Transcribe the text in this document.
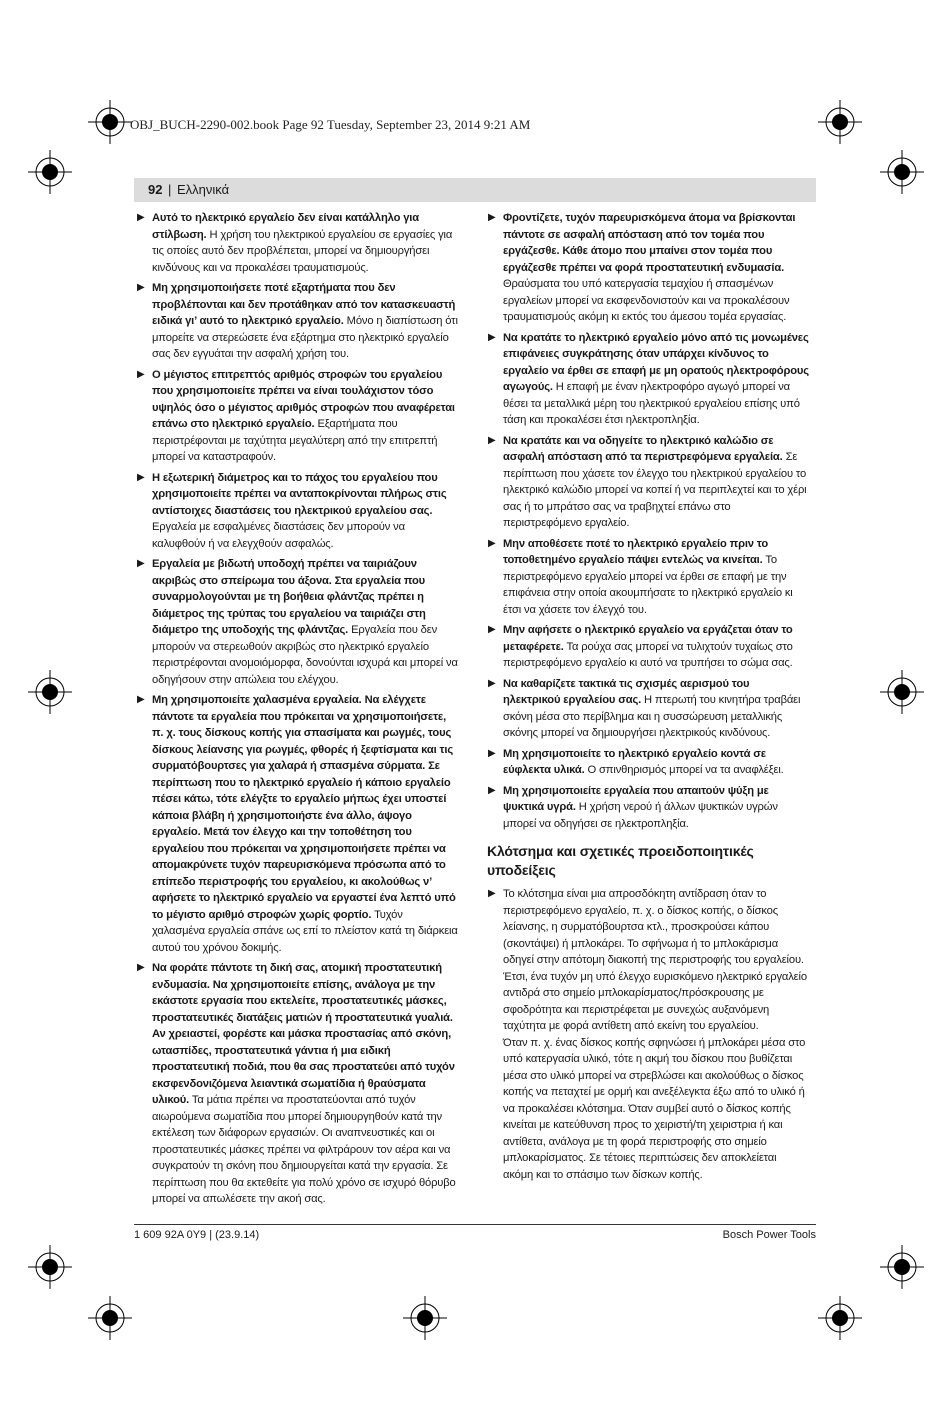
OBJ_BUCH-2290-002.book Page 92 Tuesday, September 23, 2014 9:21 AM
92 | Ελληνικά
▶ Αυτό το ηλεκτρικό εργαλείο δεν είναι κατάλληλο για στίλβωση. Η χρήση του ηλεκτρικού εργαλείου σε εργασίες για τις οποίες αυτό δεν προβλέπεται, μπορεί να δημιουργήσει κινδύνους και να προκαλέσει τραυματισμούς.
▶ Μη χρησιμοποιήσετε ποτέ εξαρτήματα που δεν προβλέπονται και δεν προτάθηκαν από τον κατασκευαστή ειδικά γι’ αυτό το ηλεκτρικό εργαλείο. Μόνο η διαπίστωση ότι μπορείτε να στερεώσετε ένα εξάρτημα στο ηλεκτρικό εργαλείο σας δεν εγγυάται την ασφαλή χρήση του.
▶ Ο μέγιστος επιτρεπτός αριθμός στροφών του εργαλείου που χρησιμοποιείτε πρέπει να είναι τουλάχιστον τόσο υψηλός όσο ο μέγιστος αριθμός στροφών που αναφέρεται επάνω στο ηλεκτρικό εργαλείο. Εξαρτήματα που περιστρέφονται με ταχύτητα μεγαλύτερη από την επιτρεπτή μπορεί να καταστραφούν.
▶ Η εξωτερική διάμετρος και το πάχος του εργαλείου που χρησιμοποιείτε πρέπει να ανταποκρίνονται πλήρως στις αντίστοιχες διαστάσεις του ηλεκτρικού εργαλείου σας. Εργαλεία με εσφαλμένες διαστάσεις δεν μπορούν να καλυφθούν ή να ελεγχθούν ασφαλώς.
▶ Εργαλεία με βιδωτή υποδοχή πρέπει να ταιριάζουν ακριβώς στο σπείρωμα του άξονα. Στα εργαλεία που συναρμολογούνται με τη βοήθεια φλάντζας πρέπει η διάμετρος της τρύπας του εργαλείου να ταιριάζει στη διάμετρο της υποδοχής της φλάντζας. Εργαλεία που δεν μπορούν να στερεωθούν ακριβώς στο ηλεκτρικό εργαλείο περιστρέφονται ανομοιόμορφα, δονούνται ισχυρά και μπορεί να οδηγήσουν στην απώλεια του ελέγχου.
▶ Μη χρησιμοποιείτε χαλασμένα εργαλεία. Να ελέγχετε πάντοτε τα εργαλεία που πρόκειται να χρησιμοποιήσετε, π. χ. τους δίσκους κοπής για σπασίματα και ρωγμές, τους δίσκους λείανσης για ρωγμές, φθορές ή ξεφτίσματα και τις συρματόβουρτσες για χαλαρά ή σπασμένα σύρματα. Σε περίπτωση που το ηλεκτρικό εργαλείο ή κάποιο εργαλείο πέσει κάτω, τότε ελέγξτε το εργαλείο μήπως έχει υποστεί κάποια βλάβη ή χρησιμοποιήστε ένα άλλο, άψογο εργαλείο. Μετά τον έλεγχο και την τοποθέτηση του εργαλείου που πρόκειται να χρησιμοποιήσετε πρέπει να απομακρύνετε τυχόν παρευρισκόμενα πρόσωπα από το επίπεδο περιστροφής του εργαλείου, κι ακολούθως ν’ αφήσετε το ηλεκτρικό εργαλείο να εργαστεί ένα λεπτό υπό το μέγιστο αριθμό στροφών χωρίς φορτίο. Τυχόν χαλασμένα εργαλεία σπάνε ως επί το πλείστον κατά τη διάρκεια αυτού του χρόνου δοκιμής.
▶ Να φοράτε πάντοτε τη δική σας, ατομική προστατευτική ενδυμασία. Να χρησιμοποιείτε επίσης, ανάλογα με την εκάστοτε εργασία που εκτελείτε, προστατευτικές μάσκες, προστατευτικές διατάξεις ματιών ή προστατευτικά γυαλιά. Αν χρειαστεί, φορέστε και μάσκα προστασίας από σκόνη, ωτασπίδες, προστατευτικά γάντια ή μια ειδική προστατευτική ποδιά, που θα σας προστατεύει από τυχόν εκσφενδονιζόμενα λειαντικά σωματίδια ή θραύσματα υλικού. Τα μάτια πρέπει να προστατεύονται από τυχόν αιωρούμενα σωματίδια που μπορεί δημιουργηθούν κατά την εκτέλεση των διάφορων εργασιών. Οι αναπνευστικές και οι προστατευτικές μάσκες πρέπει να φιλτράρουν τον αέρα και να συγκρατούν τη σκόνη που δημιουργείται κατά την εργασία. Σε περίπτωση που θα εκτεθείτε για πολύ χρόνο σε ισχυρό θόρυβο μπορεί να απωλέσετε την ακοή σας.
▶ Φροντίζετε, τυχόν παρευρισκόμενα άτομα να βρίσκονται πάντοτε σε ασφαλή απόσταση από τον τομέα που εργάζεσθε. Κάθε άτομο που μπαίνει στον τομέα που εργάζεσθε πρέπει να φορά προστατευτική ενδυμασία. Θραύσματα του υπό κατεργασία τεμαχίου ή σπασμένων εργαλείων μπορεί να εκσφενδονιστούν και να προκαλέσουν τραυματισμούς ακόμη κι εκτός του άμεσου τομέα εργασίας.
▶ Να κρατάτε το ηλεκτρικό εργαλείο μόνο από τις μονωμένες επιφάνειες συγκράτησης όταν υπάρχει κίνδυνος το εργαλείο να έρθει σε επαφή με μη ορατούς ηλεκτροφόρους αγωγούς. Η επαφή με έναν ηλεκτροφόρο αγωγό μπορεί να θέσει τα μεταλλικά μέρη του ηλεκτρικού εργαλείου επίσης υπό τάση και προκαλέσει έτσι ηλεκτροπληξία.
▶ Να κρατάτε και να οδηγείτε το ηλεκτρικό καλώδιο σε ασφαλή απόσταση από τα περιστρεφόμενα εργαλεία. Σε περίπτωση που χάσετε τον έλεγχο του ηλεκτρικού εργαλείου το ηλεκτρικό καλώδιο μπορεί να κοπεί ή να περιπλεχτεί και το χέρι σας ή το μπράτσο σας να τραβηχτεί επάνω στο περιστρεφόμενο εργαλείο.
▶ Μην αποθέσετε ποτέ το ηλεκτρικό εργαλείο πριν το τοποθετημένο εργαλείο πάψει εντελώς να κινείται. Το περιστρεφόμενο εργαλείο μπορεί να έρθει σε επαφή με την επιφάνεια στην οποία ακουμπήσατε το ηλεκτρικό εργαλείο κι έτσι να χάσετε τον έλεγχό του.
▶ Μην αφήσετε ο ηλεκτρικό εργαλείο να εργάζεται όταν το μεταφέρετε. Τα ρούχα σας μπορεί να τυλιχτούν τυχαίως στο περιστρεφόμενο εργαλείο κι αυτό να τρυπήσει το σώμα σας.
▶ Να καθαρίζετε τακτικά τις σχισμές αερισμού του ηλεκτρικού εργαλείου σας. Η πτερωτή του κινητήρα τραβάει σκόνη μέσα στο περίβλημα και η συσσώρευση μεταλλικής σκόνης μπορεί να δημιουργήσει ηλεκτρικούς κινδύνους.
▶ Μη χρησιμοποιείτε το ηλεκτρικό εργαλείο κοντά σε εύφλεκτα υλικά. Ο σπινθηρισμός μπορεί να τα αναφλέξει.
▶ Μη χρησιμοποιείτε εργαλεία που απαιτούν ψύξη με ψυκτικά υγρά. Η χρήση νερού ή άλλων ψυκτικών υγρών μπορεί να οδηγήσει σε ηλεκτροπληξία.
Κλότσημα και σχετικές προειδοποιητικές υποδείξεις
▶ Το κλότσημα είναι μια απροσδόκητη αντίδραση όταν το περιστρεφόμενο εργαλείο, π. χ. ο δίσκος κοπής, ο δίσκος λείανσης, η συρματόβουρτσα κτλ., προσκρούσει κάπου (σκοντάψει) ή μπλοκάρει. Το σφήνωμα ή το μπλοκάρισμα οδηγεί στην απότομη διακοπή της περιστροφής του εργαλείου.
Έτσι, ένα τυχόν μη υπό έλεγχο ευρισκόμενο ηλεκτρικό εργαλείο αντιδρά στο σημείο μπλοκαρίσματος/πρόσκρουσης με σφοδρότητα και περιστρέφεται με συνεχώς αυξανόμενη ταχύτητα με φορά αντίθετη από εκείνη του εργαλείου.
Όταν π. χ. ένας δίσκος κοπής σφηνώσει ή μπλοκάρει μέσα στο υπό κατεργασία υλικό, τότε η ακμή του δίσκου που βυθίζεται μέσα στο υλικό μπορεί να στρεβλώσει και ακολούθως ο δίσκος κοπής να πεταχτεί με ορμή και ανεξέλεγκτα έξω από το υλικό ή να προκαλέσει κλότσημα. Όταν συμβεί αυτό ο δίσκος κοπής κινείται με κατεύθυνση προς το χειριστή/τη χειριστρια ή και αντίθετα, ανάλογα με τη φορά περιστροφής στο σημείο μπλοκαρίσματος. Σε τέτοιες περιπτώσεις δεν αποκλείεται ακόμη και το σπάσιμο των δίσκων κοπής.
1 609 92A 0Y9 | (23.9.14)	Bosch Power Tools
